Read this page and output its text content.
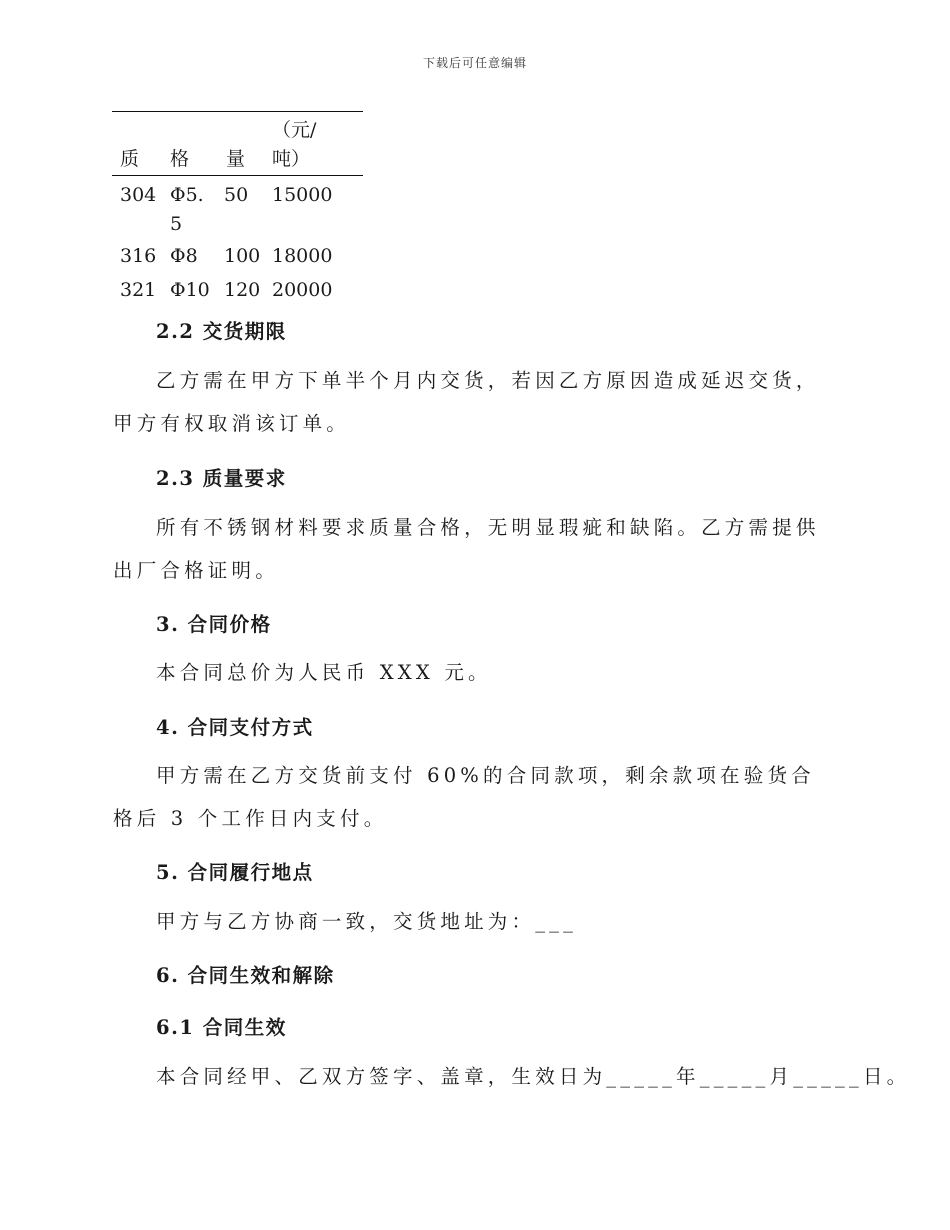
下载后可任意编辑
质 格 量
（元/
吨）
304 Φ5.
5
50 15000
316 Φ8 100 18000
321 Φ10 120 20000
2.2 交货期限
乙方需在甲方下单半个月内交货，若因乙方原因造成延迟交货，甲方有权取消该订单。
2.3 质量要求
所有不锈钢材料要求质量合格，无明显瑕疵和缺陷。乙方需提供出厂合格证明。
3. 合同价格
本合同总价为人民币 XXX 元。
4. 合同支付方式
甲方需在乙方交货前支付 60%的合同款项，剩余款项在验货合格后 3 个工作日内支付。
5. 合同履行地点
甲方与乙方协商一致，交货地址为：___
6. 合同生效和解除
6.1 合同生效
本合同经甲、乙双方签字、盖章，生效日为_____年_____月_____日。
